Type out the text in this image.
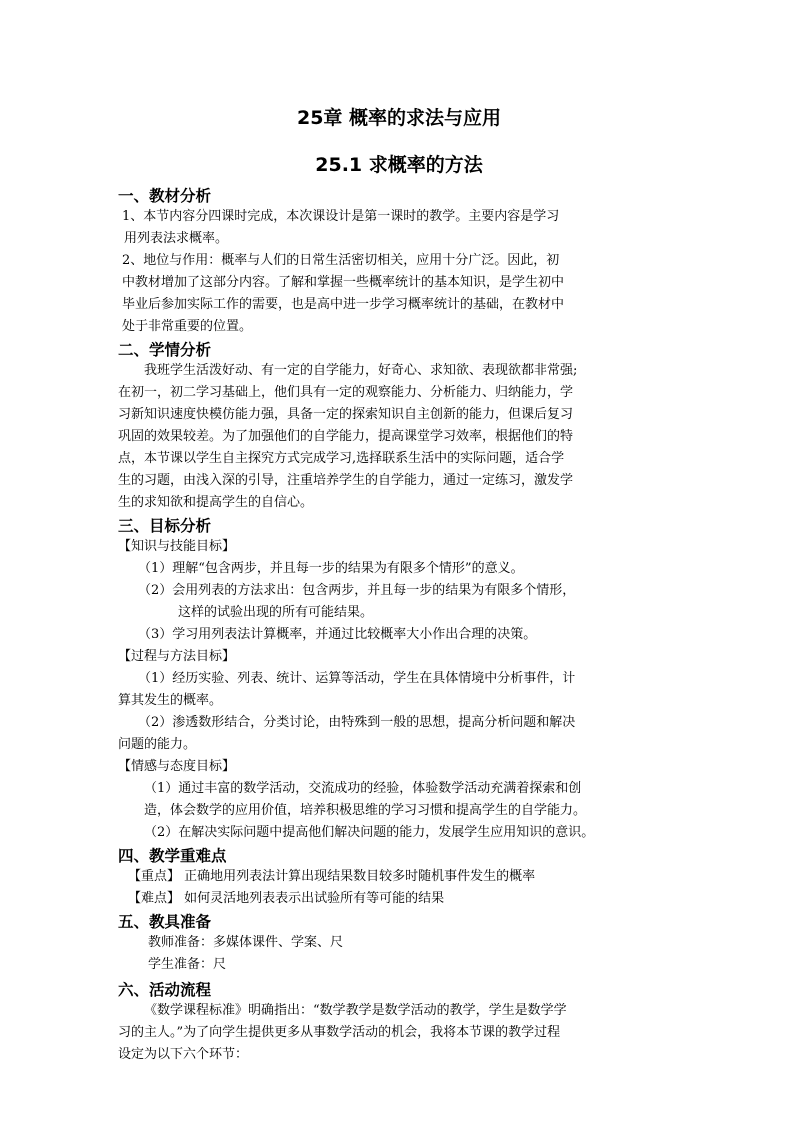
25章 概率的求法与应用
25.1 求概率的方法
一、教材分析
1、本节内容分四课时完成，本次课设计是第一课时的教学。主要内容是学习
用列表法求概率。
2、地位与作用：概率与人们的日常生活密切相关，应用十分广泛。因此，初
中教材增加了这部分内容。了解和掌握一些概率统计的基本知识，是学生初中
毕业后参加实际工作的需要，也是高中进一步学习概率统计的基础，在教材中
处于非常重要的位置。
二、学情分析
我班学生活泼好动、有一定的自学能力，好奇心、求知欲、表现欲都非常强;
在初一，初二学习基础上，他们具有一定的观察能力、分析能力、归纳能力，学
习新知识速度快模仿能力强，具备一定的探索知识自主创新的能力，但课后复习
巩固的效果较差。为了加强他们的自学能力，提高课堂学习效率，根据他们的特
点，本节课以学生自主探究方式完成学习,选择联系生活中的实际问题，适合学
生的习题，由浅入深的引导，注重培养学生的自学能力，通过一定练习，激发学
生的求知欲和提高学生的自信心。
三、目标分析
【知识与技能目标】
（1）理解“包含两步，并且每一步的结果为有限多个情形”的意义。
（2）会用列表的方法求出：包含两步，并且每一步的结果为有限多个情形，
这样的试验出现的所有可能结果。
（3）学习用列表法计算概率，并通过比较概率大小作出合理的决策。
【过程与方法目标】
（1）经历实验、列表、统计、运算等活动，学生在具体情境中分析事件，计
算其发生的概率。
（2）渗透数形结合，分类讨论，由特殊到一般的思想，提高分析问题和解决
问题的能力。
【情感与态度目标】
（1）通过丰富的数学活动，交流成功的经验，体验数学活动充满着探索和创
造，体会数学的应用价值，培养积极思维的学习习惯和提高学生的自学能力。
（2）在解决实际问题中提高他们解决问题的能力，发展学生应用知识的意识。
四、教学重难点
【重点】 正确地用列表法计算出现结果数目较多时随机事件发生的概率
【难点】 如何灵活地列表表示出试验所有等可能的结果
五、教具准备
教师准备：多媒体课件、学案、尺
学生准备：尺
六、活动流程
《数学课程标准》明确指出：“数学教学是数学活动的教学，学生是数学学
习的主人。”为了向学生提供更多从事数学活动的机会，我将本节课的教学过程
设定为以下六个环节：
